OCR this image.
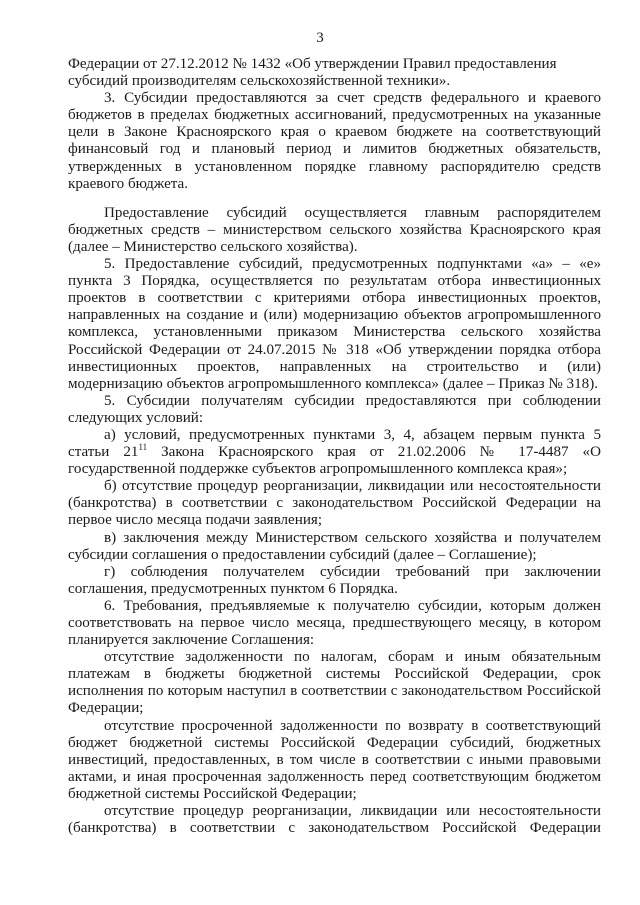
3

Федерации от 27.12.2012 № 1432 «Об утверждении Правил предоставления
субсидий производителям сельскохозяйственной техники».

3. Субсидии предоставляются за счет средств федерального и краевого бюджетов в пределах бюджетных ассигнований, предусмотренных на указанные цели в Законе Красноярского края о краевом бюджете на соответствующий финансовый год и плановый период и лимитов бюджетных обязательств, утвержденных в установленном порядке главному распорядителю средств краевого бюджета.

Предоставление субсидий осуществляется главным распорядителем бюджетных средств – министерством сельского хозяйства Красноярского края (далее – Министерство сельского хозяйства).

5. Предоставление субсидий, предусмотренных подпунктами «а» – «е» пункта 3 Порядка, осуществляется по результатам отбора инвестиционных проектов в соответствии с критериями отбора инвестиционных проектов, направленных на создание и (или) модернизацию объектов агропромышленного комплекса, установленными приказом Министерства сельского хозяйства Российской Федерации от 24.07.2015 № 318 «Об утверждении порядка отбора инвестиционных проектов, направленных на строительство и (или) модернизацию объектов агропромышленного комплекса» (далее – Приказ № 318).

5. Субсидии получателям субсидии предоставляются при соблюдении следующих условий:

а) условий, предусмотренных пунктами 3, 4, абзацем первым пункта 5 статьи $21^{11}$ Закона Красноярского края от 21.02.2006 № 17-4487 «О государственной поддержке субъектов агропромышленного комплекса края»;

б) отсутствие процедур реорганизации, ликвидации или несостоятельности (банкротства) в соответствии с законодательством Российской Федерации на первое число месяца подачи заявления;

в) заключения между Министерством сельского хозяйства и получателем субсидии соглашения о предоставлении субсидий (далее – Соглашение);

г) соблюдения получателем субсидии требований при заключении соглашения, предусмотренных пунктом 6 Порядка.

6. Требования, предъявляемые к получателю субсидии, которым должен соответствовать на первое число месяца, предшествующего месяцу, в котором планируется заключение Соглашения:

отсутствие задолженности по налогам, сборам и иным обязательным платежам в бюджеты бюджетной системы Российской Федерации, срок исполнения по которым наступил в соответствии с законодательством Российской Федерации;

отсутствие просроченной задолженности по возврату в соответствующий бюджет бюджетной системы Российской Федерации субсидий, бюджетных инвестиций, предоставленных, в том числе в соответствии с иными правовыми актами, и иная просроченная задолженность перед соответствующим бюджетом бюджетной системы Российской Федерации;

отсутствие процедур реорганизации, ликвидации или несостоятельности (банкротства) в соответствии с законодательством Российской Федерации
